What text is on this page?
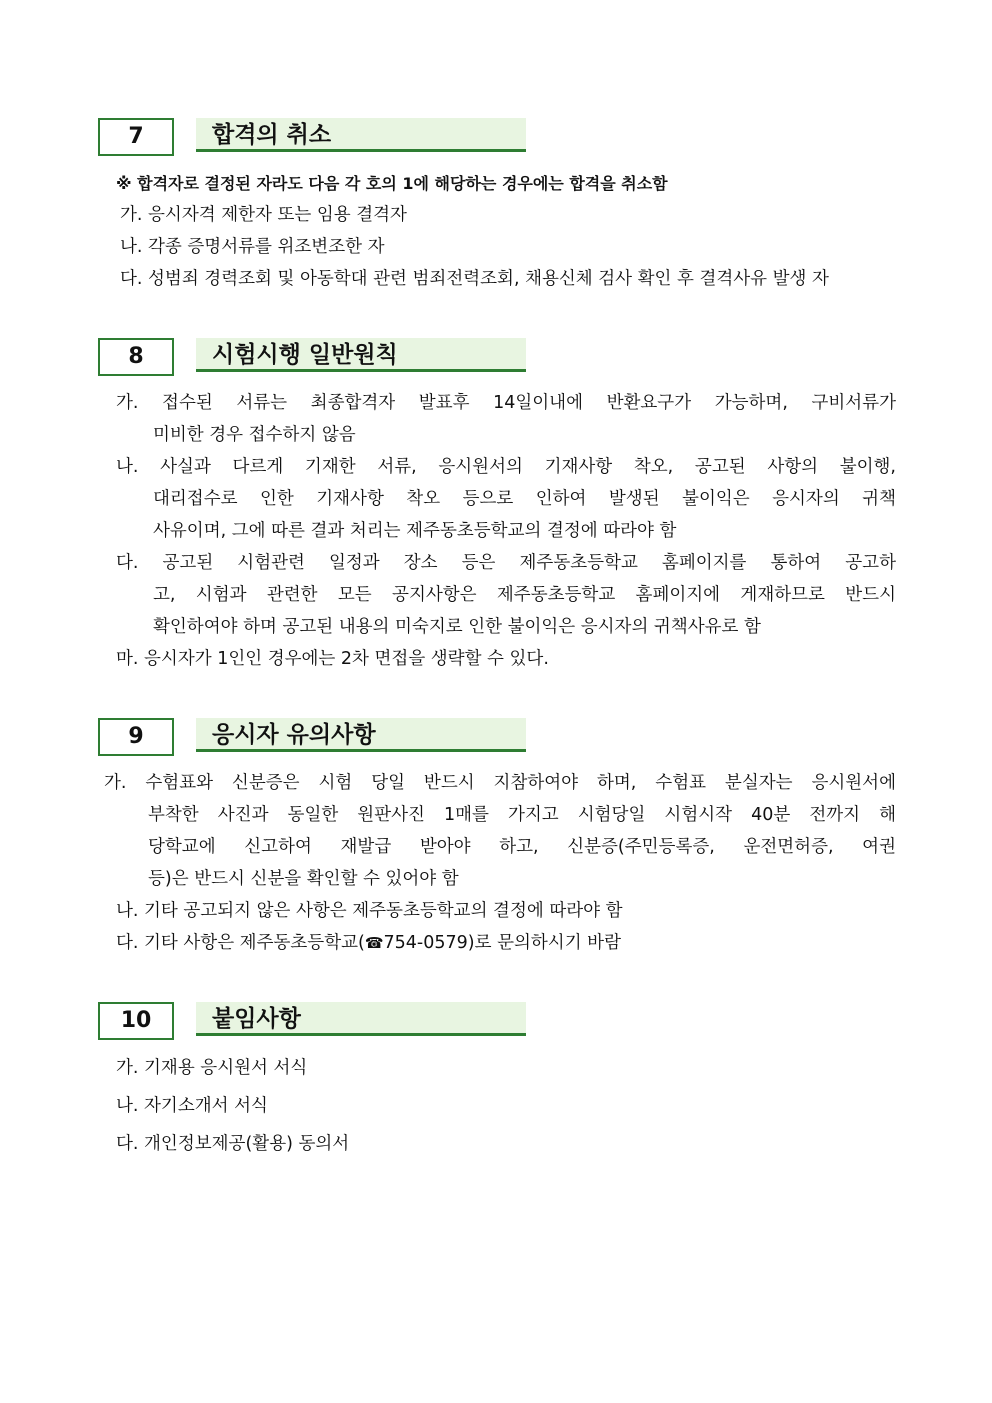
7	합격의 취소
※ 합격자로 결정된 자라도 다음 각 호의 1에 해당하는 경우에는 합격을 취소함
가. 응시자격 제한자 또는 임용 결격자
나. 각종 증명서류를 위조변조한 자
다. 성범죄 경력조회 및 아동학대 관련 범죄전력조회, 채용신체 검사 확인 후 결격사유 발생 자
8	시험시행 일반원칙
가. 접수된 서류는 최종합격자 발표후 14일이내에 반환요구가 가능하며, 구비서류가
미비한 경우 접수하지 않음
나. 사실과 다르게 기재한 서류, 응시원서의 기재사항 착오, 공고된 사항의 불이행,
대리접수로 인한 기재사항 착오 등으로 인하여 발생된 불이익은 응시자의 귀책
사유이며, 그에 따른 결과 처리는 제주동초등학교의 결정에 따라야 함
다. 공고된 시험관련 일정과 장소 등은 제주동초등학교 홈페이지를 통하여 공고하
고, 시험과 관련한 모든 공지사항은 제주동초등학교 홈페이지에 게재하므로 반드시
확인하여야 하며 공고된 내용의 미숙지로 인한 불이익은 응시자의 귀책사유로 함
마. 응시자가 1인인 경우에는 2차 면접을 생략할 수 있다.
9	응시자 유의사항
가. 수험표와 신분증은 시험 당일 반드시 지참하여야 하며, 수험표 분실자는 응시원서에
부착한 사진과 동일한 원판사진 1매를 가지고 시험당일 시험시작 40분 전까지 해
당학교에 신고하여 재발급 받아야 하고, 신분증(주민등록증, 운전면허증, 여권
등)은 반드시 신분을 확인할 수 있어야 함
나. 기타 공고되지 않은 사항은 제주동초등학교의 결정에 따라야 함
다. 기타 사항은 제주동초등학교(☎754-0579)로 문의하시기 바람
10	붙임사항
가. 기재용 응시원서 서식
나. 자기소개서 서식
다. 개인정보제공(활용) 동의서
